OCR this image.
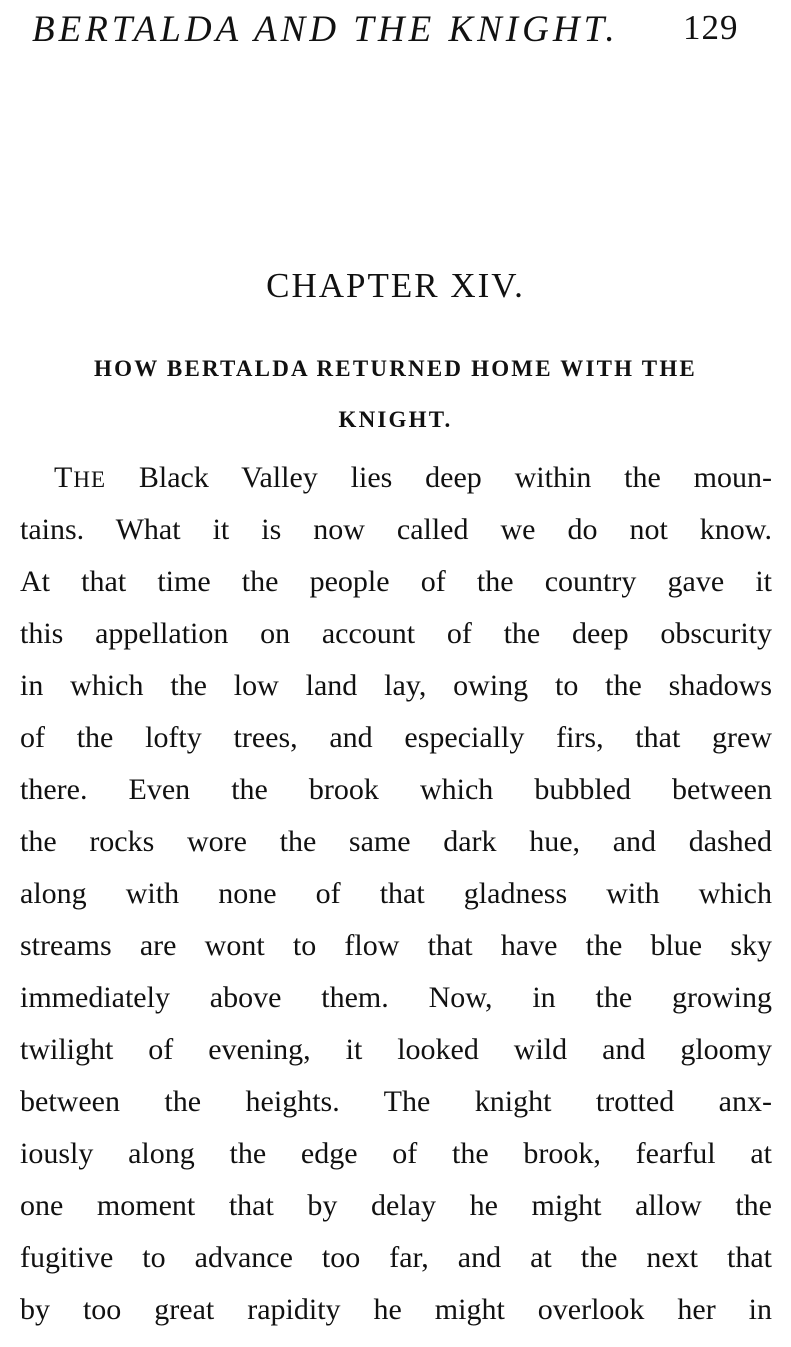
BERTALDA AND THE KNIGHT. 129
CHAPTER XIV.
HOW BERTALDA RETURNED HOME WITH THE
KNIGHT.
THE Black Valley lies deep within the moun-
tains. What it is now called we do not know.
At that time the people of the country gave it
this appellation on account of the deep obscurity
in which the low land lay, owing to the shadows
of the lofty trees, and especially firs, that grew
there. Even the brook which bubbled between
the rocks wore the same dark hue, and dashed
along with none of that gladness with which
streams are wont to flow that have the blue sky
immediately above them. Now, in the growing
twilight of evening, it looked wild and gloomy
between the heights. The knight trotted anx-
iously along the edge of the brook, fearful at
one moment that by delay he might allow the
fugitive to advance too far, and at the next that
by too great rapidity he might overlook her in
